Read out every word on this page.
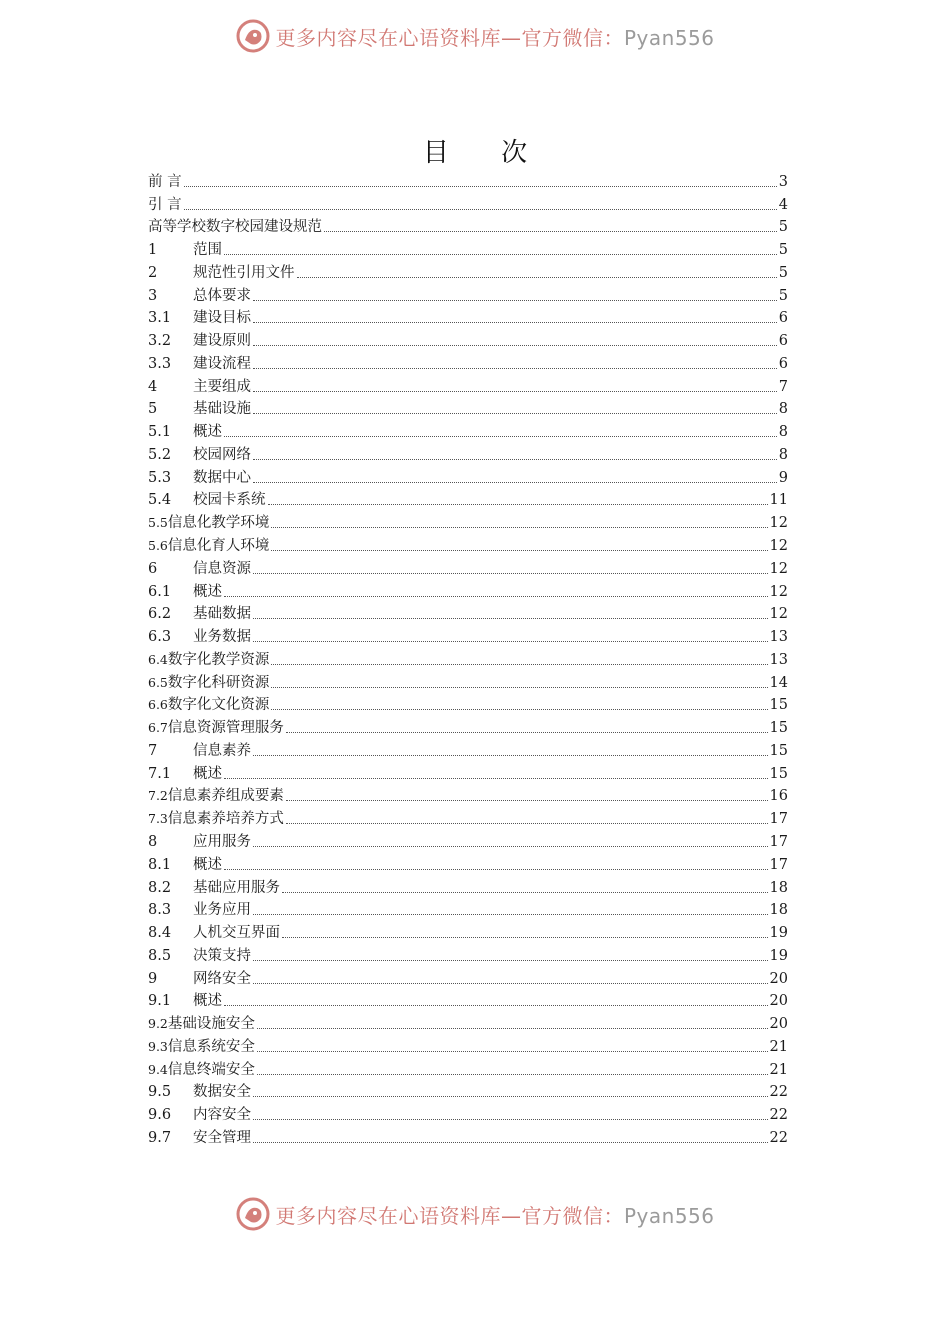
更多内容尽在心语资料库—官方微信：Pyan556
目 次
前 言	3
引 言	4
高等学校数字校园建设规范	5
1	范围	5
2	规范性引用文件	5
3	总体要求	5
3.1	建设目标	6
3.2	建设原则	6
3.3	建设流程	6
4	主要组成	7
5	基础设施	8
5.1	概述	8
5.2	校园网络	8
5.3	数据中心	9
5.4	校园卡系统	11
5.5 信息化教学环境	12
5.6 信息化育人环境	12
6	信息资源	12
6.1	概述	12
6.2	基础数据	12
6.3	业务数据	13
6.4 数字化教学资源	13
6.5 数字化科研资源	14
6.6 数字化文化资源	15
6.7 信息资源管理服务	15
7	信息素养	15
7.1	概述	15
7.2 信息素养组成要素	16
7.3 信息素养培养方式	17
8	应用服务	17
8.1	概述	17
8.2	基础应用服务	18
8.3	业务应用	18
8.4	人机交互界面	19
8.5	决策支持	19
9	网络安全	20
9.1	概述	20
9.2 基础设施安全	20
9.3 信息系统安全	21
9.4 信息终端安全	21
9.5	数据安全	22
9.6	内容安全	22
9.7	安全管理	22
更多内容尽在心语资料库—官方微信：Pyan556
